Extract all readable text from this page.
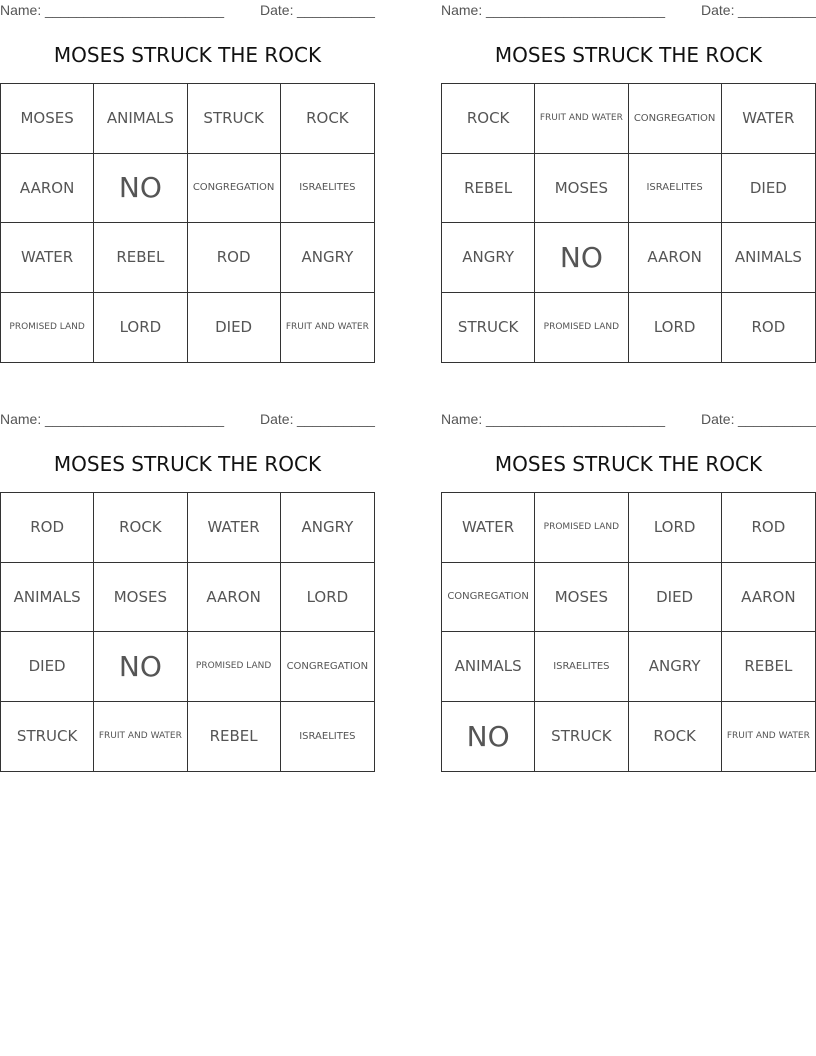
Name: _______________________	Date: __________
MOSES STRUCK THE ROCK
MOSES	ANIMALS	STRUCK	ROCK
AARON	NO	CONGREGATION	ISRAELITES
WATER	REBEL	ROD	ANGRY
PROMISED LAND	LORD	DIED	FRUIT AND WATER
Name: _______________________	Date: __________
MOSES STRUCK THE ROCK
ROCK	FRUIT AND WATER	CONGREGATION	WATER
REBEL	MOSES	ISRAELITES	DIED
ANGRY	NO	AARON	ANIMALS
STRUCK	PROMISED LAND	LORD	ROD
Name: _______________________	Date: __________
MOSES STRUCK THE ROCK
ROD	ROCK	WATER	ANGRY
ANIMALS	MOSES	AARON	LORD
DIED	NO	PROMISED LAND	CONGREGATION
STRUCK	FRUIT AND WATER	REBEL	ISRAELITES
Name: _______________________	Date: __________
MOSES STRUCK THE ROCK
WATER	PROMISED LAND	LORD	ROD
CONGREGATION	MOSES	DIED	AARON
ANIMALS	ISRAELITES	ANGRY	REBEL
NO	STRUCK	ROCK	FRUIT AND WATER
